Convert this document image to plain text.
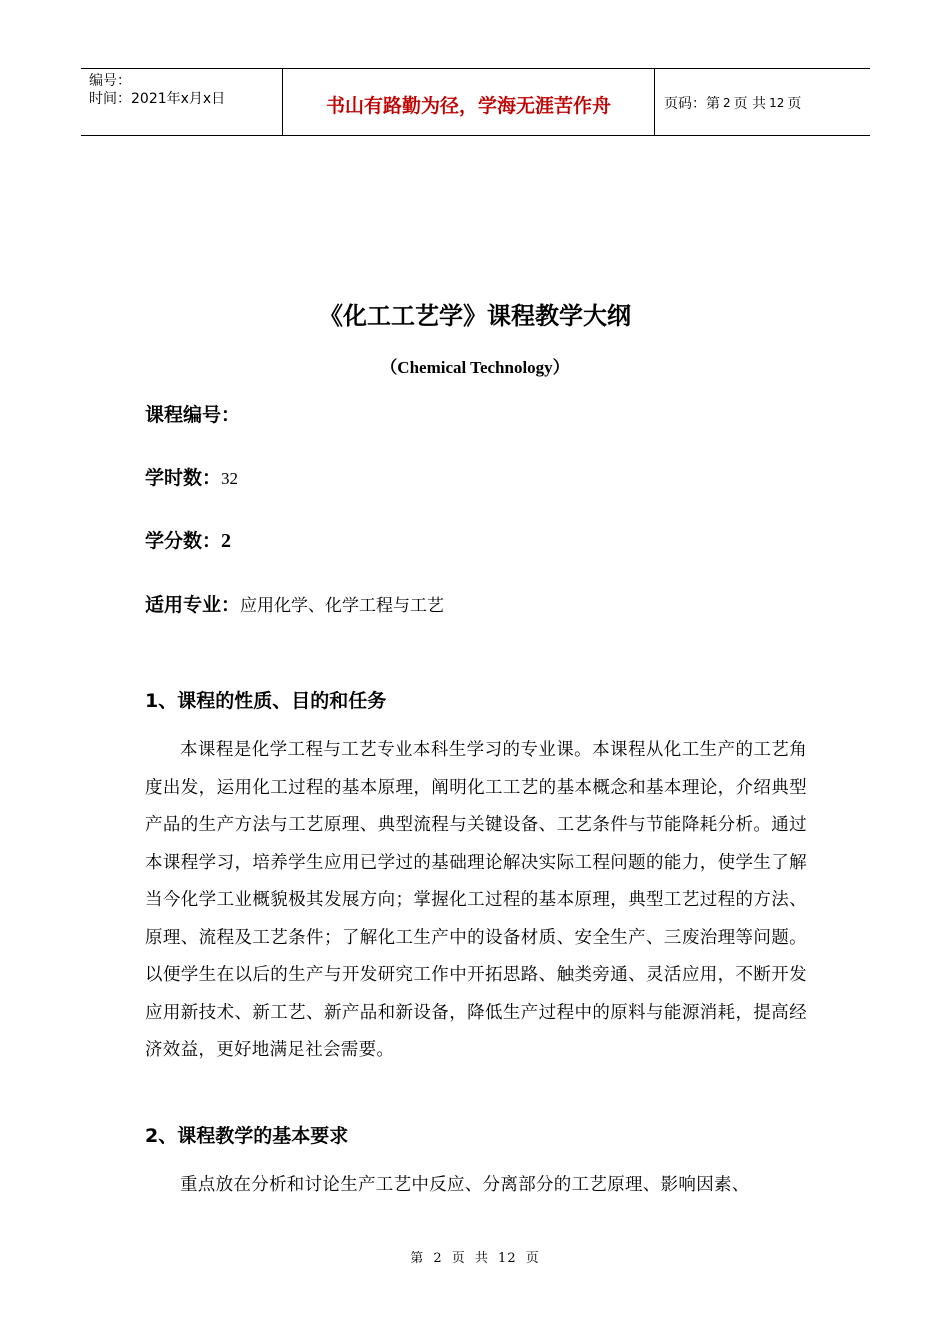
编号：
时间：2021年x月x日	书山有路勤为径，学海无涯苦作舟	页码：第 2 页 共 12 页
《化工工艺学》课程教学大纲
（Chemical Technology）
课程编号：
学时数：32
学分数：2
适用专业：应用化学、化学工程与工艺
1、课程的性质、目的和任务
本课程是化学工程与工艺专业本科生学习的专业课。本课程从化工生产的工艺角度出发，运用化工过程的基本原理，阐明化工工艺的基本概念和基本理论，介绍典型产品的生产方法与工艺原理、典型流程与关键设备、工艺条件与节能降耗分析。通过本课程学习，培养学生应用已学过的基础理论解决实际工程问题的能力，使学生了解当今化学工业概貌极其发展方向；掌握化工过程的基本原理，典型工艺过程的方法、原理、流程及工艺条件；了解化工生产中的设备材质、安全生产、三废治理等问题。以便学生在以后的生产与开发研究工作中开拓思路、触类旁通、灵活应用，不断开发应用新技术、新工艺、新产品和新设备，降低生产过程中的原料与能源消耗，提高经济效益，更好地满足社会需要。
2、课程教学的基本要求
重点放在分析和讨论生产工艺中反应、分离部分的工艺原理、影响因素、
第 2 页 共 12 页
